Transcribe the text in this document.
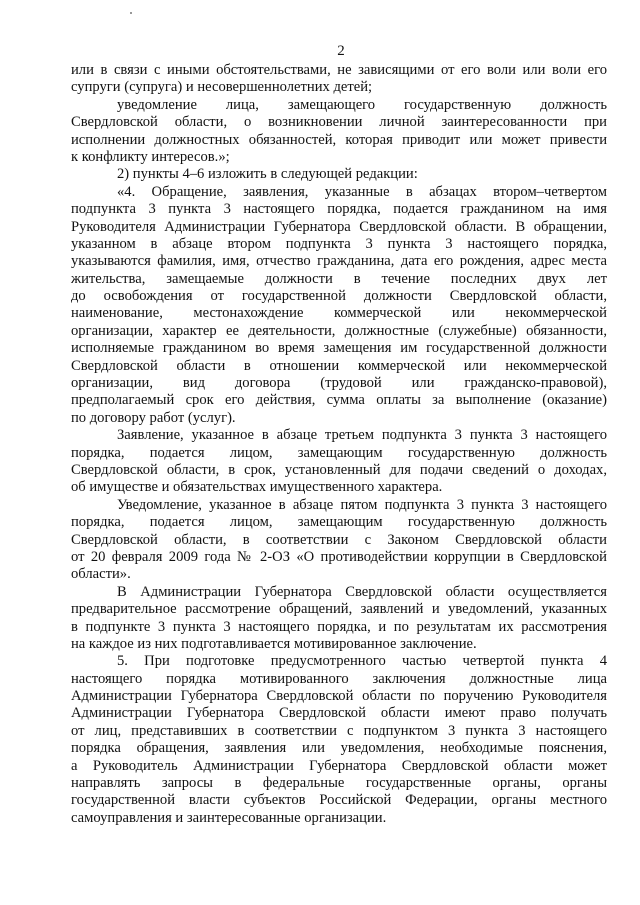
2

или в связи с иными обстоятельствами, не зависящими от его воли или воли его
супруги (супруга) и несовершеннолетних детей;

уведомление лица, замещающего государственную должность
Свердловской области, о возникновении личной заинтересованности при
исполнении должностных обязанностей, которая приводит или может привести
к конфликту интересов.»;

2) пункты 4–6 изложить в следующей редакции:

«4. Обращение, заявления, указанные в абзацах втором–четвертом
подпункта 3 пункта 3 настоящего порядка, подается гражданином на имя
Руководителя Администрации Губернатора Свердловской области. В обращении,
указанном в абзаце втором подпункта 3 пункта 3 настоящего порядка,
указываются фамилия, имя, отчество гражданина, дата его рождения, адрес места
жительства, замещаемые должности в течение последних двух лет
до освобождения от государственной должности Свердловской области,
наименование, местонахождение коммерческой или некоммерческой
организации, характер ее деятельности, должностные (служебные) обязанности,
исполняемые гражданином во время замещения им государственной должности
Свердловской области в отношении коммерческой или некоммерческой
организации, вид договора (трудовой или гражданско-правовой),
предполагаемый срок его действия, сумма оплаты за выполнение (оказание)
по договору работ (услуг).

Заявление, указанное в абзаце третьем подпункта 3 пункта 3 настоящего
порядка, подается лицом, замещающим государственную должность
Свердловской области, в срок, установленный для подачи сведений о доходах,
об имуществе и обязательствах имущественного характера.

Уведомление, указанное в абзаце пятом подпункта 3 пункта 3 настоящего
порядка, подается лицом, замещающим государственную должность
Свердловской области, в соответствии с Законом Свердловской области
от 20 февраля 2009 года № 2-ОЗ «О противодействии коррупции в Свердловской
области».

В Администрации Губернатора Свердловской области осуществляется
предварительное рассмотрение обращений, заявлений и уведомлений, указанных
в подпункте 3 пункта 3 настоящего порядка, и по результатам их рассмотрения
на каждое из них подготавливается мотивированное заключение.

5. При подготовке предусмотренного частью четвертой пункта 4
настоящего порядка мотивированного заключения должностные лица
Администрации Губернатора Свердловской области по поручению Руководителя
Администрации Губернатора Свердловской области имеют право получать
от лиц, представивших в соответствии с подпунктом 3 пункта 3 настоящего
порядка обращения, заявления или уведомления, необходимые пояснения,
а Руководитель Администрации Губернатора Свердловской области может
направлять запросы в федеральные государственные органы, органы
государственной власти субъектов Российской Федерации, органы местного
самоуправления и заинтересованные организации.
